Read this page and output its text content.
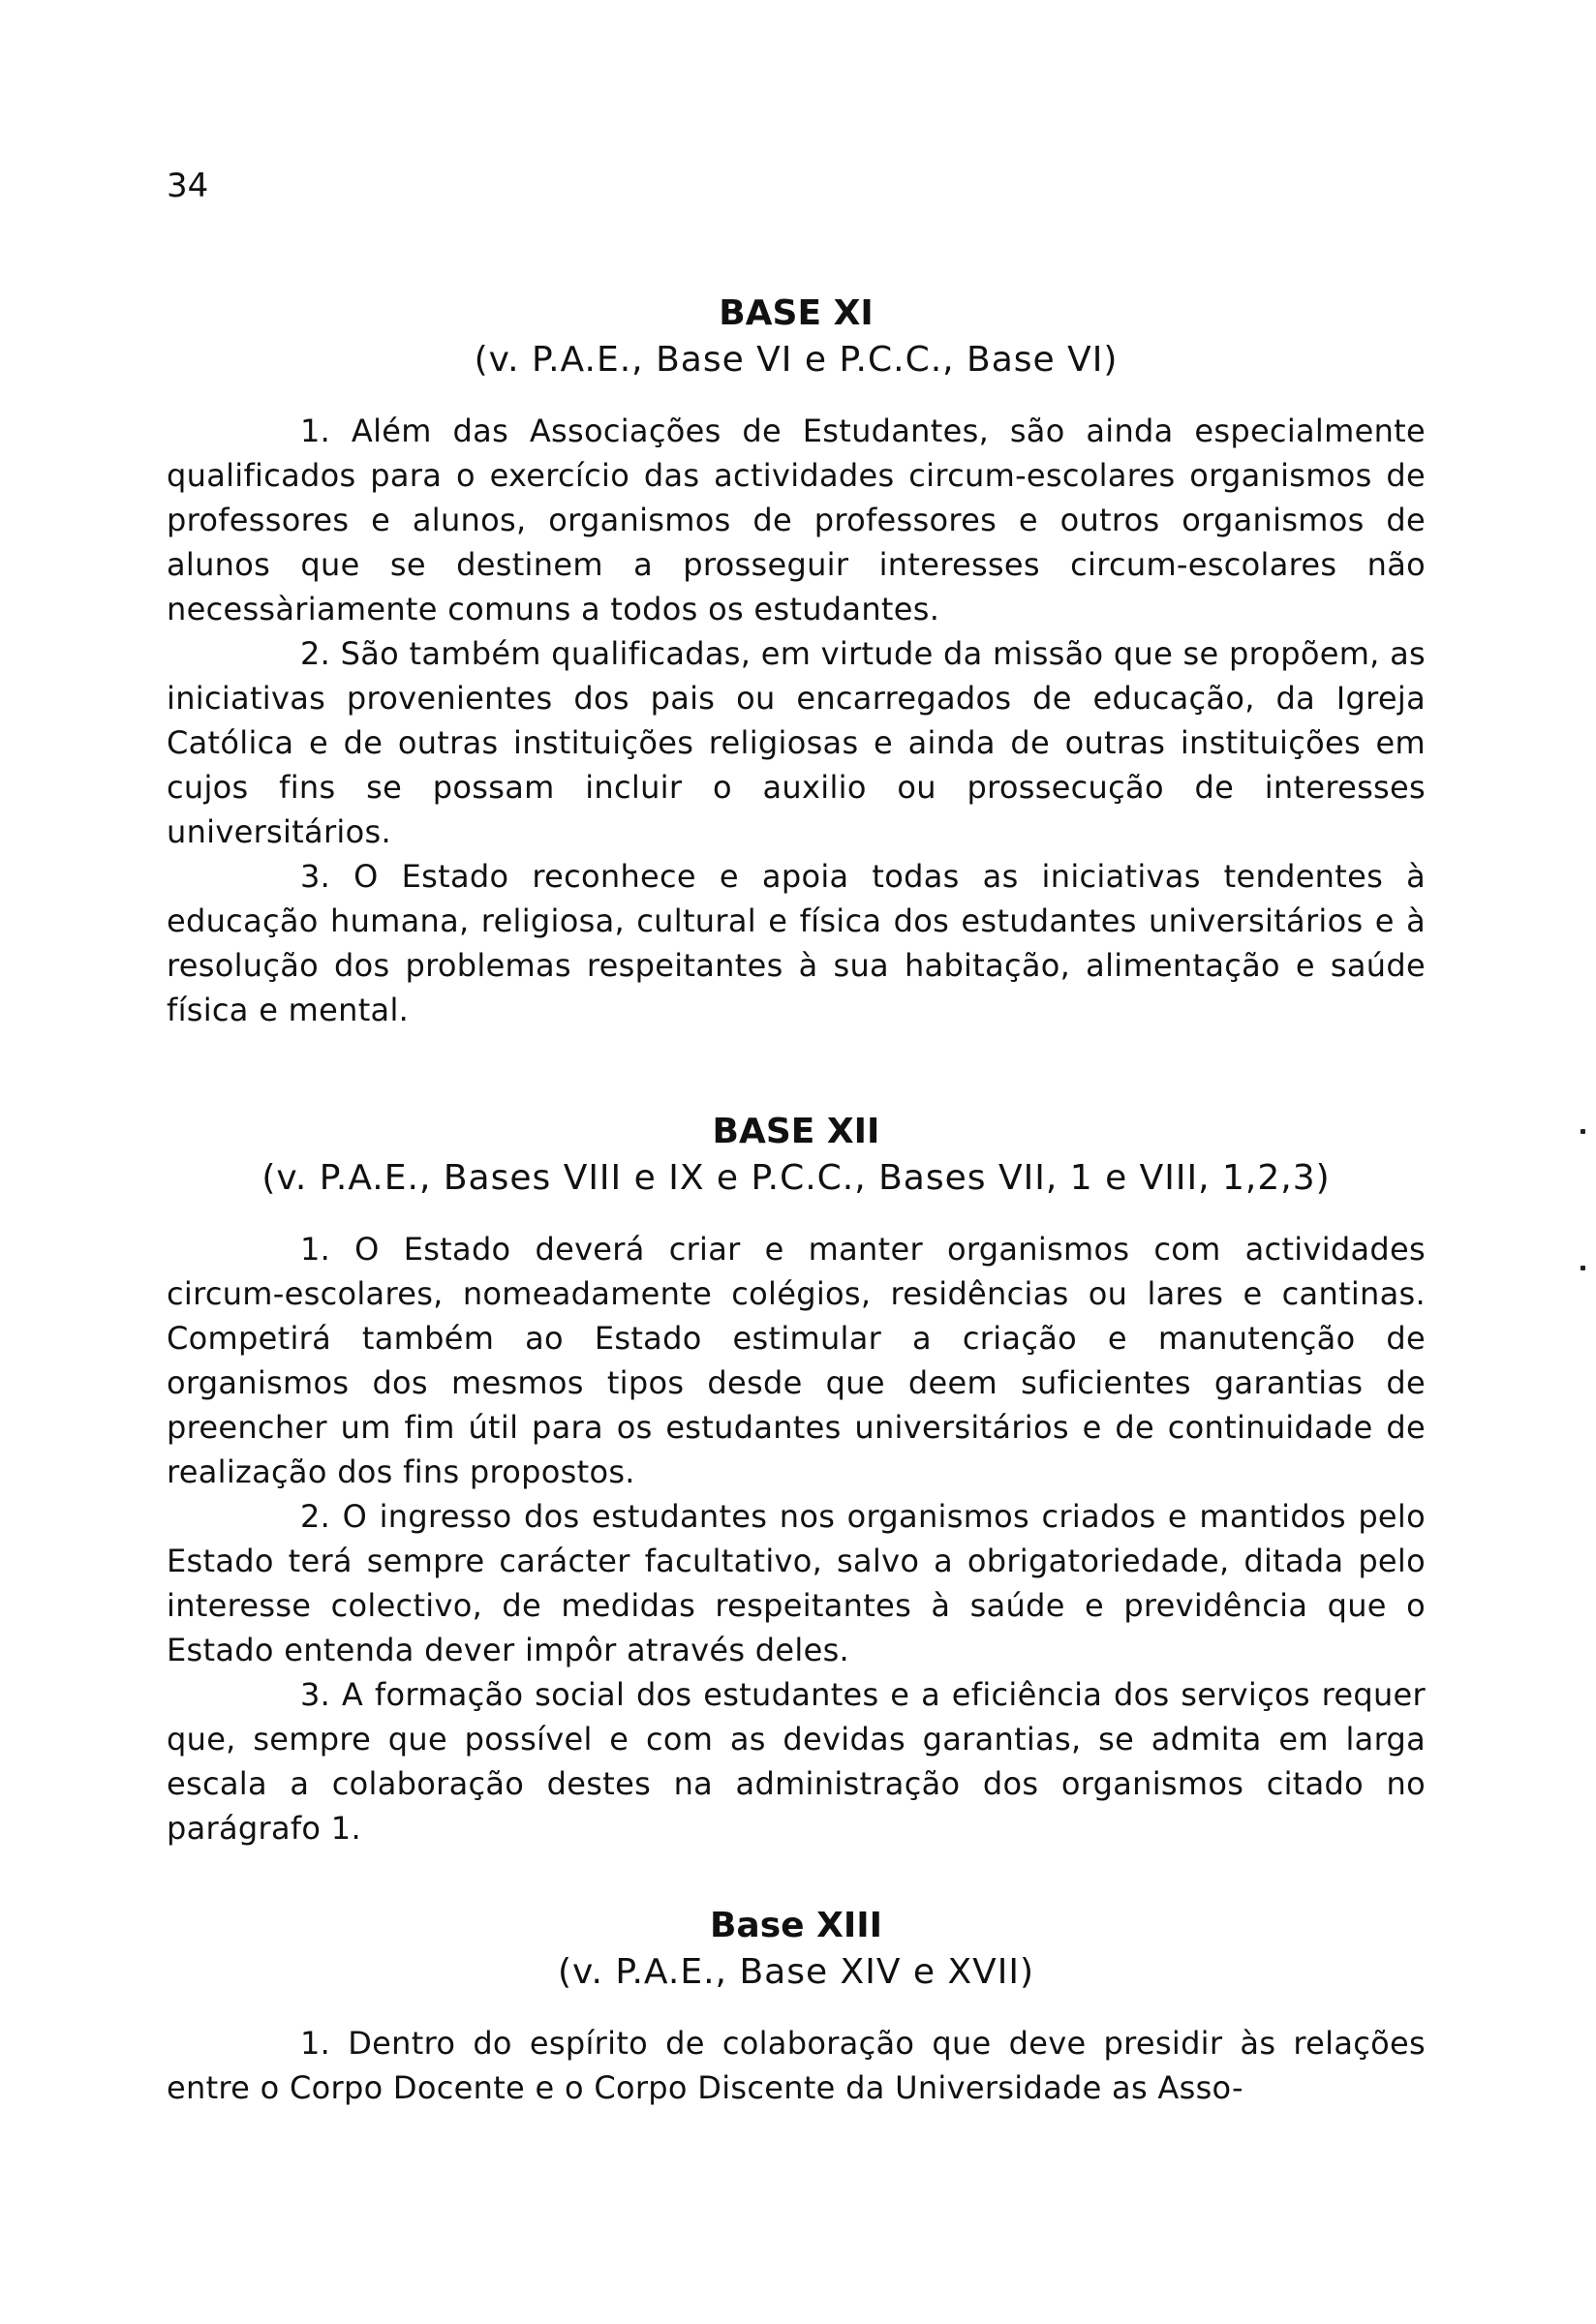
34
BASE XI
(v. P.A.E., Base VI e P.C.C., Base VI)

1. Além das Associações de Estudantes, são ainda especialmente qualificados para o exercício das actividades circum-escolares organismos de professores e alunos, organismos de professores e outros organismos de alunos que se destinem a prosseguir interesses circum-escolares não necessàriamente comuns a todos os estudantes.

2. São também qualificadas, em virtude da missão que se propõem, as iniciativas provenientes dos pais ou encarregados de educação, da Igreja Católica e de outras instituições religiosas e ainda de outras instituições em cujos fins se possam incluir o auxilio ou prossecução de interesses universitários.

3. O Estado reconhece e apoia todas as iniciativas tendentes à educação humana, religiosa, cultural e física dos estudantes universitários e à resolução dos problemas respeitantes à sua habitação, alimentação e saúde física e mental.

BASE XII
(v. P.A.E., Bases VIII e IX e P.C.C., Bases VII, 1 e VIII, 1,2,3)

1. O Estado deverá criar e manter organismos com actividades circum-escolares, nomeadamente colégios, residências ou lares e cantinas. Competirá também ao Estado estimular a criação e manutenção de organismos dos mesmos tipos desde que deem suficientes garantias de preencher um fim útil para os estudantes universitários e de continuidade de realização dos fins propostos.

2. O ingresso dos estudantes nos organismos criados e mantidos pelo Estado terá sempre carácter facultativo, salvo a obrigatoriedade, ditada pelo interesse colectivo, de medidas respeitantes à saúde e previdência que o Estado entenda dever impôr através deles.

3. A formação social dos estudantes e a eficiência dos serviços requer que, sempre que possível e com as devidas garantias, se admita em larga escala a colaboração destes na administração dos organismos citado no parágrafo 1.

Base XIII
(v. P.A.E., Base XIV e XVII)

1. Dentro do espírito de colaboração que deve presidir às relações entre o Corpo Docente e o Corpo Discente da Universidade as Asso-
